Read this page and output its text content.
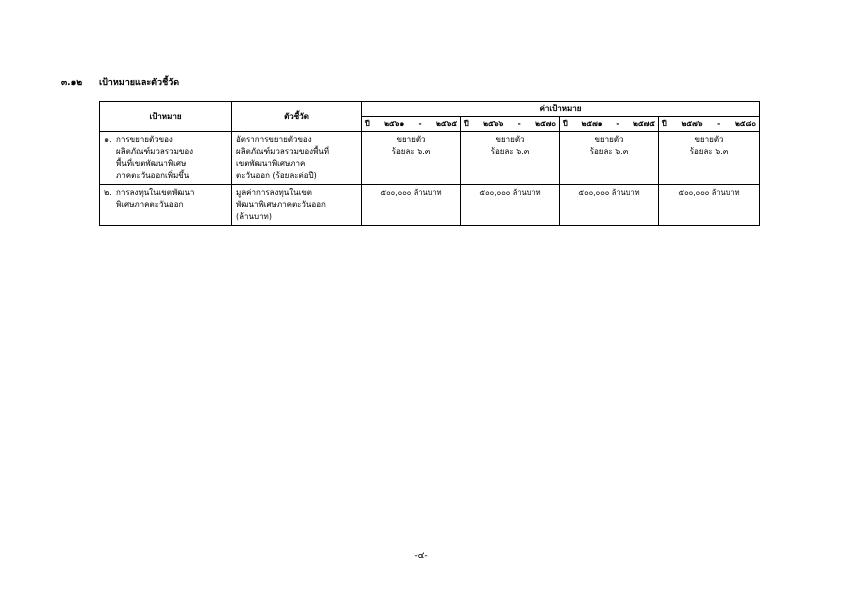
๓.๑๒ เป้าหมายและตัวชี้วัด
เป้าหมาย	ตัวชี้วัด	ค่าเป้าหมาย			

		ปี ๒๕๖๑ - ๒๕๖๕	ปี ๒๕๖๖ - ๒๕๗๐	ปี ๒๕๗๑ - ๒๕๗๕	ปี ๒๕๗๖ - ๒๕๘๐

๑. การขยายตัวของ
ผลิตภัณฑ์มวลรวมของ
พื้นที่เขตพัฒนาพิเศษ
ภาคตะวันออกเพิ่มขึ้น	อัตราการขยายตัวของ
ผลิตภัณฑ์มวลรวมของพื้นที่
เขตพัฒนาพิเศษภาค
ตะวันออก (ร้อยละต่อปี)	ขยายตัว
ร้อยละ ๖.๓	ขยายตัว
ร้อยละ ๖.๓	ขยายตัว
ร้อยละ ๖.๓	ขยายตัว
ร้อยละ ๖.๓

๒. การลงทุนในเขตพัฒนา
พิเศษภาคตะวันออก	มูลค่าการลงทุนในเขต
พัฒนาพิเศษภาคตะวันออก
(ล้านบาท)	๕๐๐,๐๐๐ ล้านบาท	๕๐๐,๐๐๐ ล้านบาท	๕๐๐,๐๐๐ ล้านบาท	๕๐๐,๐๐๐ ล้านบาท
-๔-
